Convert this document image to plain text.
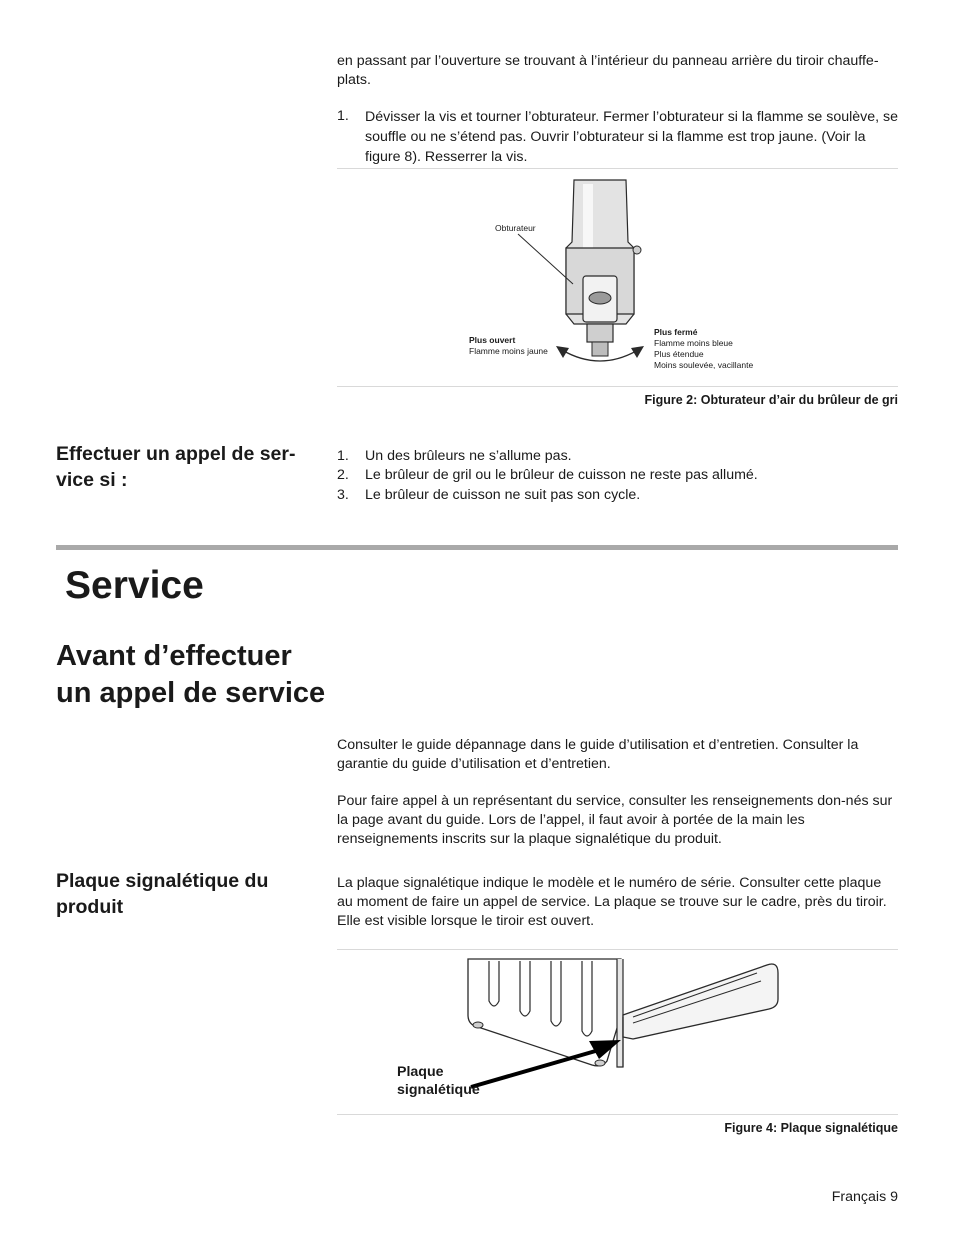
en passant par l’ouverture se trouvant à l’intérieur du panneau arrière du tiroir chauffe-plats.
1. Dévisser la vis et tourner l’obturateur. Fermer l’obturateur si la flamme se soulève, se souffle ou ne s’étend pas. Ouvrir l’obturateur si la flamme est trop jaune. (Voir la figure 8). Resserrer la vis.
Obturateur
Plus ouvert
Flamme moins jaune
Plus fermé
Flamme moins bleue
Plus étendue
Moins soulevée, vacillante
Figure 2: Obturateur d’air du brûleur de gri
Effectuer un appel de ser-
vice si :
1. Un des brûleurs ne s’allume pas.
2. Le brûleur de gril ou le brûleur de cuisson ne reste pas allumé.
3. Le brûleur de cuisson ne suit pas son cycle.
Service
Avant d’effectuer
un appel de service
Consulter le guide dépannage dans le guide d’utilisation et d’entretien. Consulter la garantie du guide d’utilisation et d’entretien.
Pour faire appel à un représentant du service, consulter les renseignements don-nés sur la page avant du guide. Lors de l’appel, il faut avoir à portée de la main les renseignements inscrits sur la plaque signalétique du produit.
Plaque signalétique du
produit
La plaque signalétique indique le modèle et le numéro de série. Consulter cette plaque au moment de faire un appel de service. La plaque se trouve sur le cadre, près du tiroir. Elle est visible lorsque le tiroir est ouvert.
Plaque
signalétique
Figure 4: Plaque signalétique
Français 9
